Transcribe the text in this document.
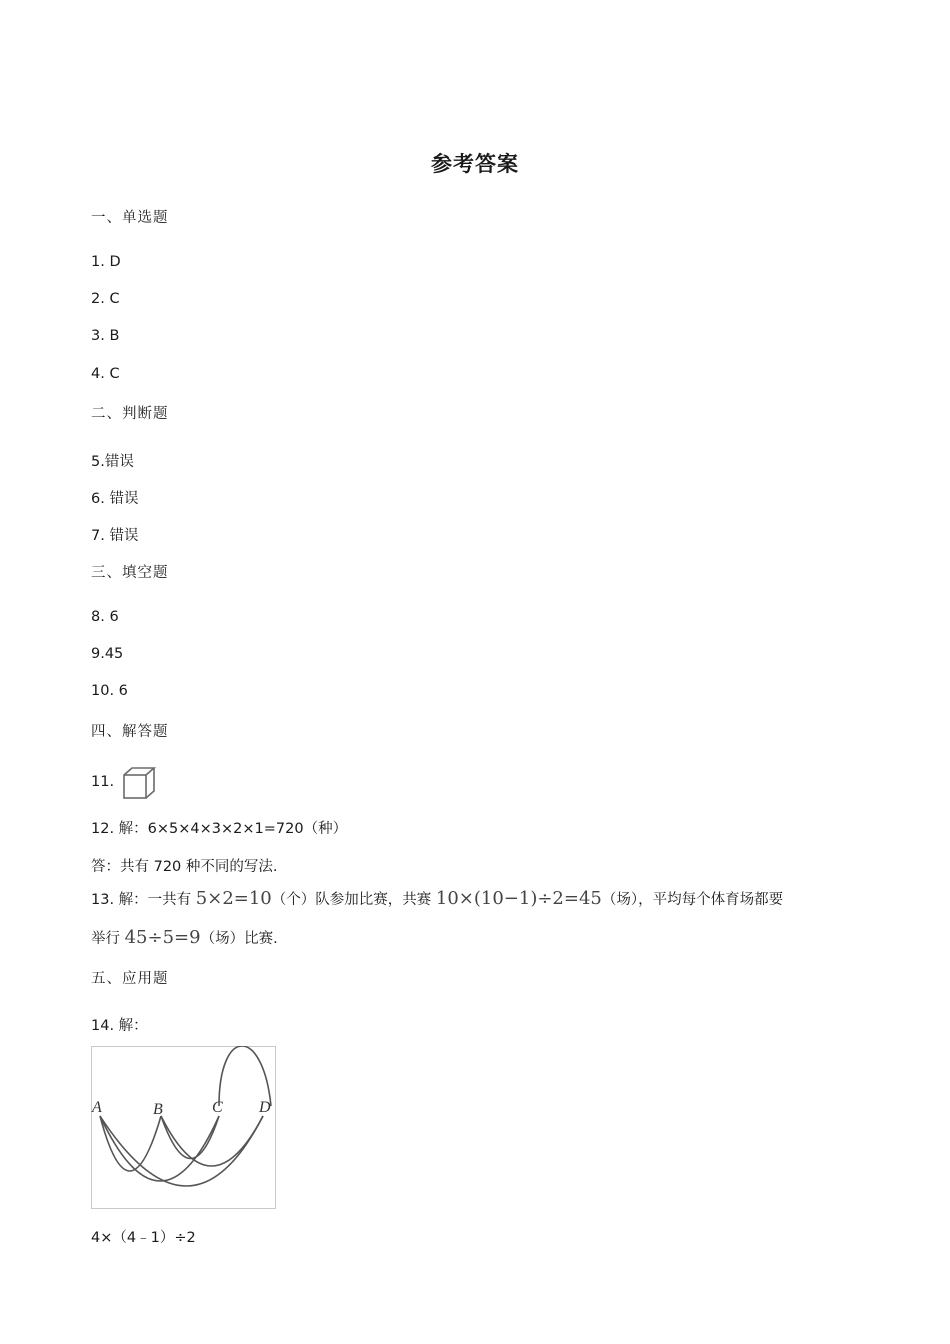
参考答案
一、单选题
1. D
2. C
3. B
4. C
二、判断题
5.错误
6. 错误
7. 错误
三、填空题
8. 6
9.45
10. 6
四、解答题
11.
12. 解：6×5×4×3×2×1=720（种）
答：共有 720 种不同的写法.
13. 解：一共有 5×2=10（个）队参加比赛，共赛 10×(10−1)÷2=45（场），平均每个体育场都要
举行 45÷5=9（场）比赛.
五、应用题
14. 解：
A	B	C D
4×（4﹣1）÷2
